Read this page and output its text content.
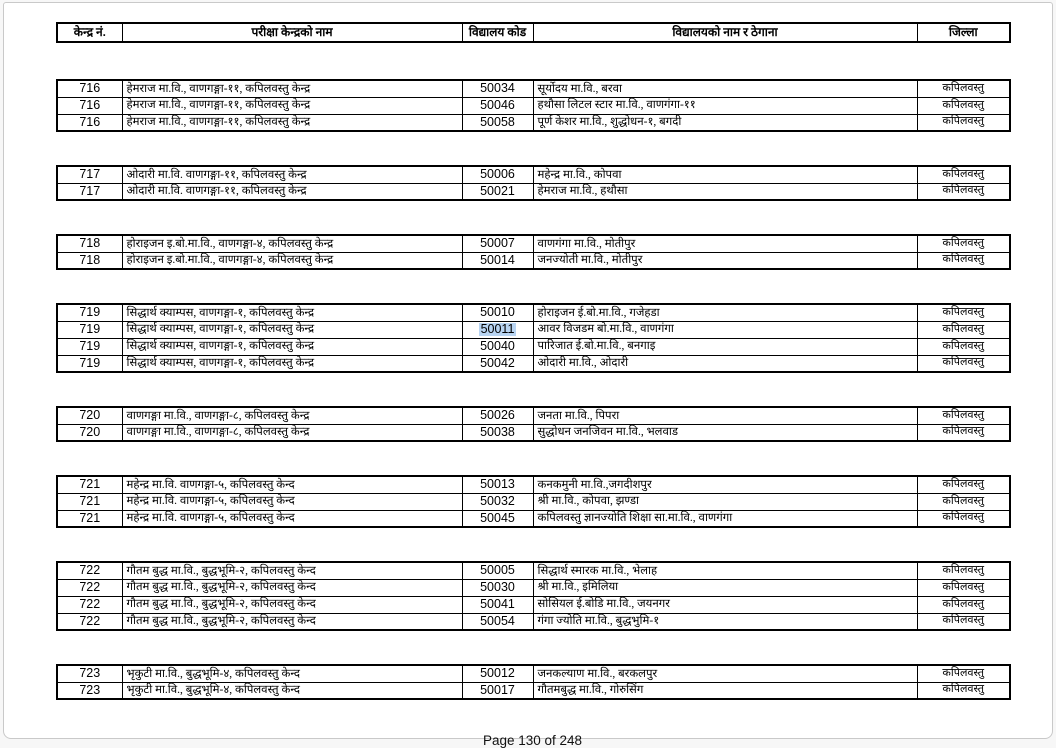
केन्द्र नं.	परीक्षा केन्द्रको नाम	विद्यालय कोड	विद्यालयको नाम र ठेगाना	जिल्ला
716	हेमराज मा.वि., वाणगङ्गा-११, कपिलवस्तु केन्द्र	50034	सूर्योदय मा.वि., बरवा	कपिलवस्तु
716	हेमराज मा.वि., वाणगङ्गा-११, कपिलवस्तु केन्द्र	50046	हथौसा लिटल स्टार मा.वि., वाणगंगा-११	कपिलवस्तु
716	हेमराज मा.वि., वाणगङ्गा-११, कपिलवस्तु केन्द्र	50058	पूर्ण केशर मा.वि., शुद्धोधन-१, बगदी	कपिलवस्तु
717	ओदारी मा.वि. वाणगङ्गा-११, कपिलवस्तु केन्द्र	50006	महेन्द्र मा.वि., कोपवा	कपिलवस्तु
717	ओदारी मा.वि. वाणगङ्गा-११, कपिलवस्तु केन्द्र	50021	हेमराज मा.वि., हथौसा	कपिलवस्तु
718	होराइजन इ.बो.मा.वि., वाणगङ्गा-४, कपिलवस्तु केन्द्र	50007	वाणगंगा मा.वि., मोतीपुर	कपिलवस्तु
718	होराइजन इ.बो.मा.वि., वाणगङ्गा-४, कपिलवस्तु केन्द्र	50014	जनज्योती मा.वि., मोतीपुर	कपिलवस्तु
719	सिद्धार्थ क्याम्पस, वाणगङ्गा-१, कपिलवस्तु केन्द्र	50010	होराइजन ई.बो.मा.वि., गजेहडा	कपिलवस्तु
719	सिद्धार्थ क्याम्पस, वाणगङ्गा-१, कपिलवस्तु केन्द्र	50011	आवर विजडम बो.मा.वि., वाणगंगा	कपिलवस्तु
719	सिद्धार्थ क्याम्पस, वाणगङ्गा-१, कपिलवस्तु केन्द्र	50040	पारिजात ई.बो.मा.वि., बनगाइ	कपिलवस्तु
719	सिद्धार्थ क्याम्पस, वाणगङ्गा-१, कपिलवस्तु केन्द्र	50042	ओदारी मा.वि., ओदारी	कपिलवस्तु
720	वाणगङ्गा मा.वि., वाणगङ्गा-८, कपिलवस्तु केन्द्र	50026	जनता मा.वि., पिपरा	कपिलवस्तु
720	वाणगङ्गा मा.वि., वाणगङ्गा-८, कपिलवस्तु केन्द्र	50038	सुद्धोधन जनजिवन मा.वि., भलवाड	कपिलवस्तु
721	महेन्द्र मा.वि. वाणगङ्गा-५, कपिलवस्तु केन्द	50013	कनकमुनी मा.वि.,जगदीशपुर	कपिलवस्तु
721	महेन्द्र मा.वि. वाणगङ्गा-५, कपिलवस्तु केन्द	50032	श्री मा.वि., कोपवा, झण्डा	कपिलवस्तु
721	महेन्द्र मा.वि. वाणगङ्गा-५, कपिलवस्तु केन्द	50045	कपिलवस्तु ज्ञानज्योति शिक्षा सा.मा.वि., वाणगंगा	कपिलवस्तु
722	गौतम बुद्ध मा.वि., बुद्धभूमि-२, कपिलवस्तु केन्द	50005	सिद्धार्थ स्मारक मा.वि., भेलाह	कपिलवस्तु
722	गौतम बुद्ध मा.वि., बुद्धभूमि-२, कपिलवस्तु केन्द	50030	श्री मा.वि., इमिलिया	कपिलवस्तु
722	गौतम बुद्ध मा.वि., बुद्धभूमि-२, कपिलवस्तु केन्द	50041	सोसियल ई.बोडि मा.वि., जयनगर	कपिलवस्तु
722	गौतम बुद्ध मा.वि., बुद्धभूमि-२, कपिलवस्तु केन्द	50054	गंगा ज्योति मा.वि., बुद्धभुमि-१	कपिलवस्तु
723	भृकुटी मा.वि., बुद्धभूमि-४, कपिलवस्तु केन्द	50012	जनकल्याण मा.वि., बरकलपुर	कपिलवस्तु
723	भृकुटी मा.वि., बुद्धभूमि-४, कपिलवस्तु केन्द	50017	गौतमबुद्ध मा.वि., गोरुसिंग	कपिलवस्तु
Page 130 of 248
